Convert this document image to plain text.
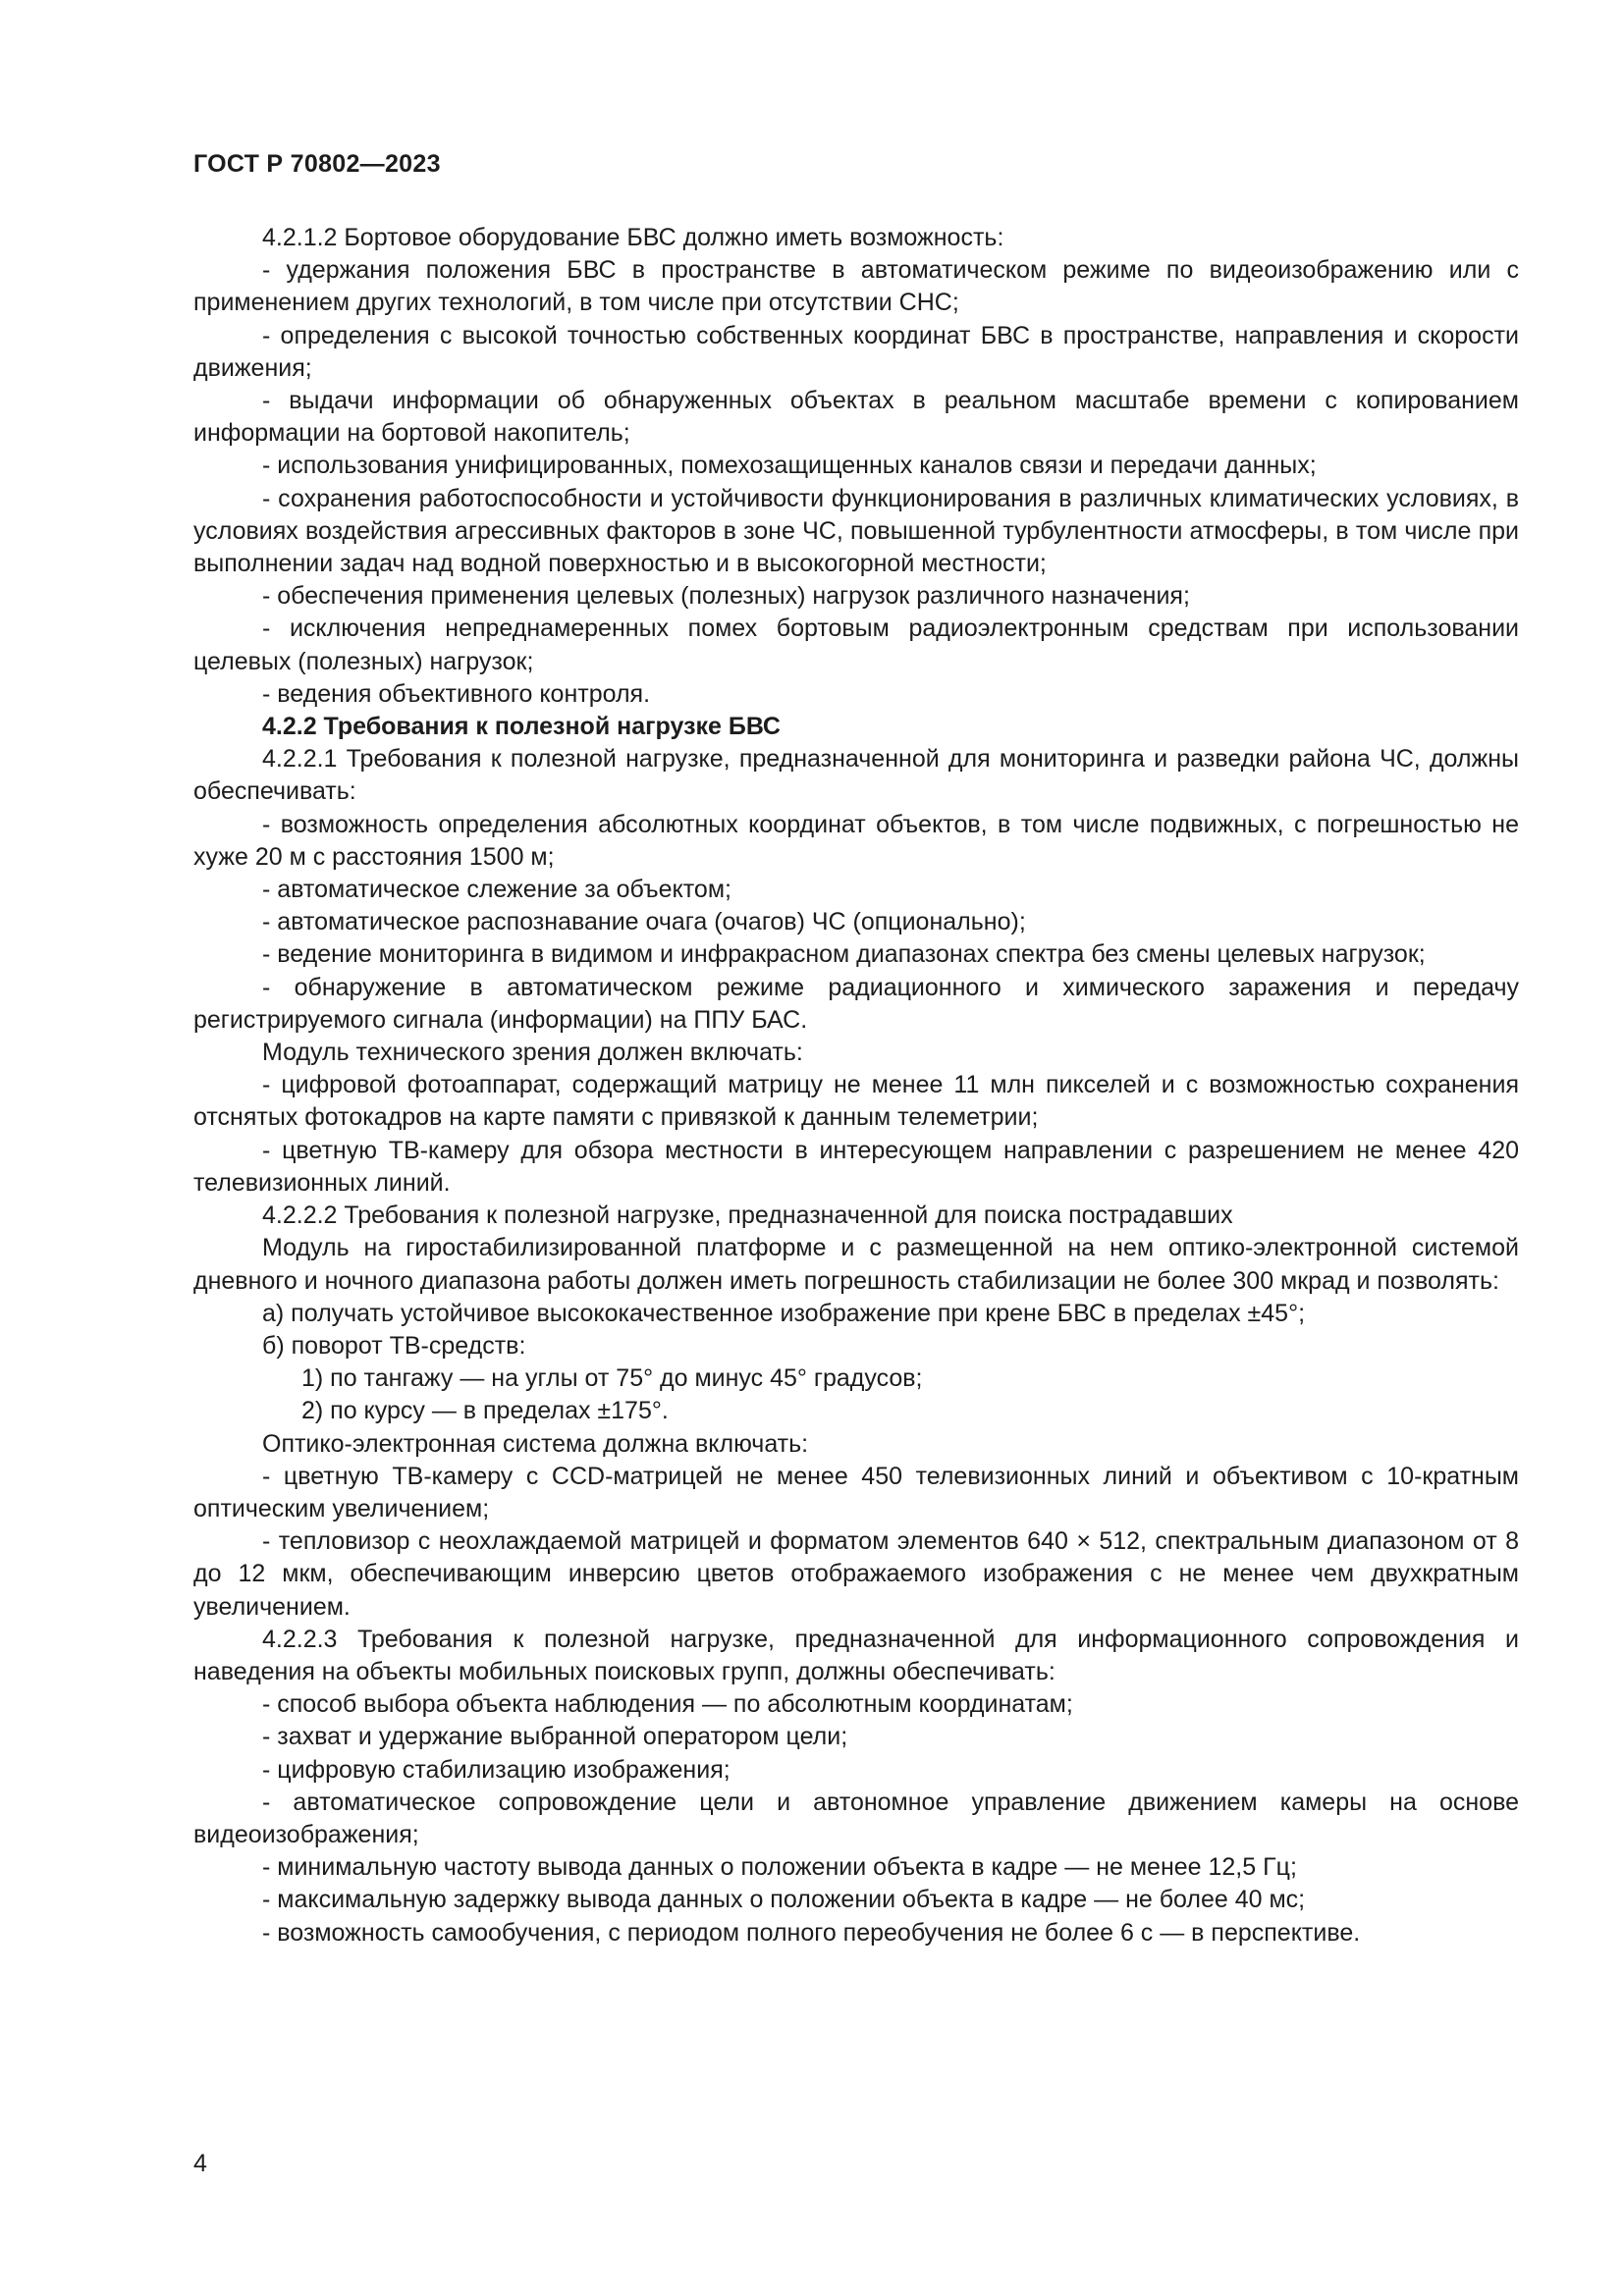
ГОСТ Р 70802—2023

4.2.1.2 Бортовое оборудование БВС должно иметь возможность:

- удержания положения БВС в пространстве в автоматическом режиме по видеоизображению или с применением других технологий, в том числе при отсутствии СНС;

- определения с высокой точностью собственных координат БВС в пространстве, направления и скорости движения;

- выдачи информации об обнаруженных объектах в реальном масштабе времени с копированием информации на бортовой накопитель;

- использования унифицированных, помехозащищенных каналов связи и передачи данных;

- сохранения работоспособности и устойчивости функционирования в различных климатических условиях, в условиях воздействия агрессивных факторов в зоне ЧС, повышенной турбулентности атмосферы, в том числе при выполнении задач над водной поверхностью и в высокогорной местности;

- обеспечения применения целевых (полезных) нагрузок различного назначения;

- исключения непреднамеренных помех бортовым радиоэлектронным средствам при использовании целевых (полезных) нагрузок;

- ведения объективного контроля.

4.2.2 Требования к полезной нагрузке БВС

4.2.2.1 Требования к полезной нагрузке, предназначенной для мониторинга и разведки района ЧС, должны обеспечивать:

- возможность определения абсолютных координат объектов, в том числе подвижных, с погрешностью не хуже 20 м с расстояния 1500 м;

- автоматическое слежение за объектом;

- автоматическое распознавание очага (очагов) ЧС (опционально);

- ведение мониторинга в видимом и инфракрасном диапазонах спектра без смены целевых нагрузок;

- обнаружение в автоматическом режиме радиационного и химического заражения и передачу регистрируемого сигнала (информации) на ППУ БАС.

Модуль технического зрения должен включать:

- цифровой фотоаппарат, содержащий матрицу не менее 11 млн пикселей и с возможностью сохранения отснятых фотокадров на карте памяти с привязкой к данным телеметрии;

- цветную ТВ-камеру для обзора местности в интересующем направлении с разрешением не менее 420 телевизионных линий.

4.2.2.2 Требования к полезной нагрузке, предназначенной для поиска пострадавших

Модуль на гиростабилизированной платформе и с размещенной на нем оптико-электронной системой дневного и ночного диапазона работы должен иметь погрешность стабилизации не более 300 мкрад и позволять:

а) получать устойчивое высококачественное изображение при крене БВС в пределах ±45°;

б) поворот ТВ-средств:

1) по тангажу — на углы от 75° до минус 45° градусов;

2) по курсу — в пределах ±175°.

Оптико-электронная система должна включать:

- цветную ТВ-камеру с CCD-матрицей не менее 450 телевизионных линий и объективом с 10-кратным оптическим увеличением;

- тепловизор с неохлаждаемой матрицей и форматом элементов 640 × 512, спектральным диапазоном от 8 до 12 мкм, обеспечивающим инверсию цветов отображаемого изображения с не менее чем двухкратным увеличением.

4.2.2.3 Требования к полезной нагрузке, предназначенной для информационного сопровождения и наведения на объекты мобильных поисковых групп, должны обеспечивать:

- способ выбора объекта наблюдения — по абсолютным координатам;

- захват и удержание выбранной оператором цели;

- цифровую стабилизацию изображения;

- автоматическое сопровождение цели и автономное управление движением камеры на основе видеоизображения;

- минимальную частоту вывода данных о положении объекта в кадре — не менее 12,5 Гц;

- максимальную задержку вывода данных о положении объекта в кадре — не более 40 мс;

- возможность самообучения, с периодом полного переобучения не более 6 с — в перспективе.

4
